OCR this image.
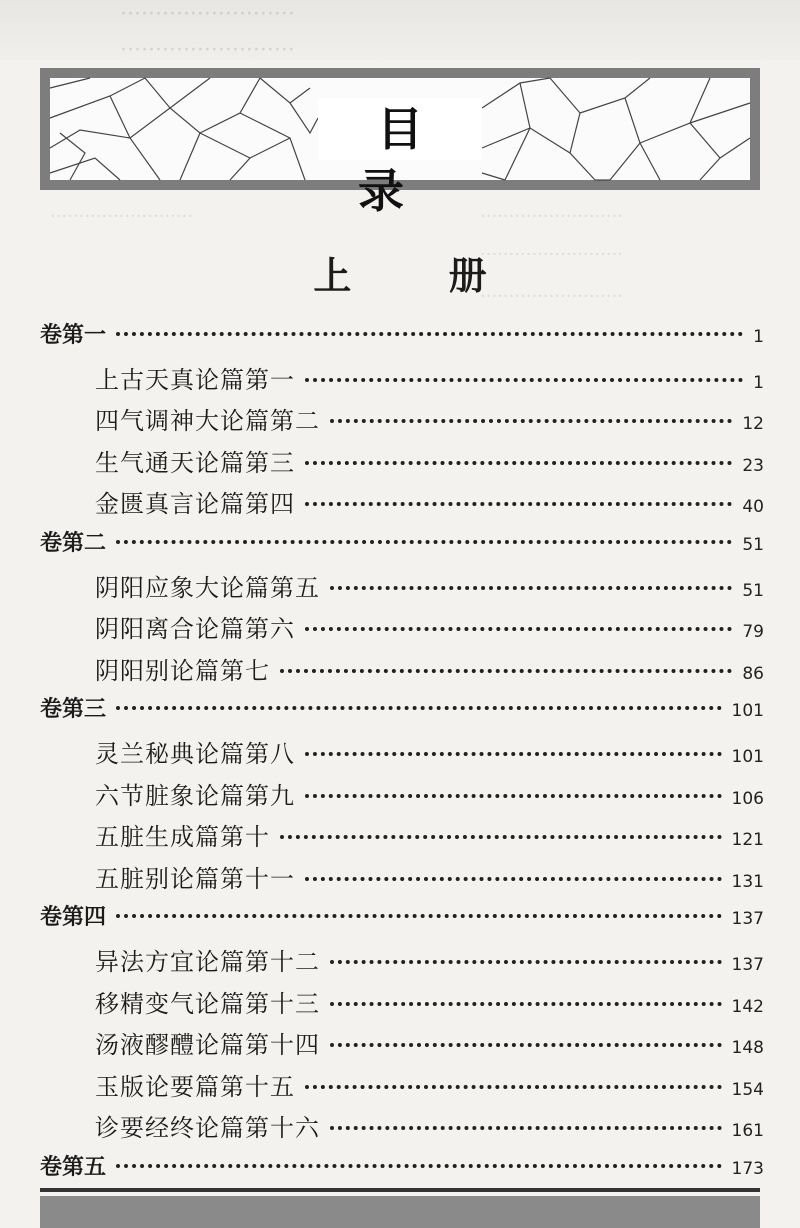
·························
·························
·························	·························
·························
·························
目 录
上 册
卷第一	1
上古天真论篇第一	1
四气调神大论篇第二	12
生气通天论篇第三	23
金匮真言论篇第四	40
卷第二	51
阴阳应象大论篇第五	51
阴阳离合论篇第六	79
阴阳别论篇第七	86
卷第三	101
灵兰秘典论篇第八	101
六节脏象论篇第九	106
五脏生成篇第十	121
五脏别论篇第十一	131
卷第四	137
异法方宜论篇第十二	137
移精变气论篇第十三	142
汤液醪醴论篇第十四	148
玉版论要篇第十五	154
诊要经终论篇第十六	161
卷第五	173
